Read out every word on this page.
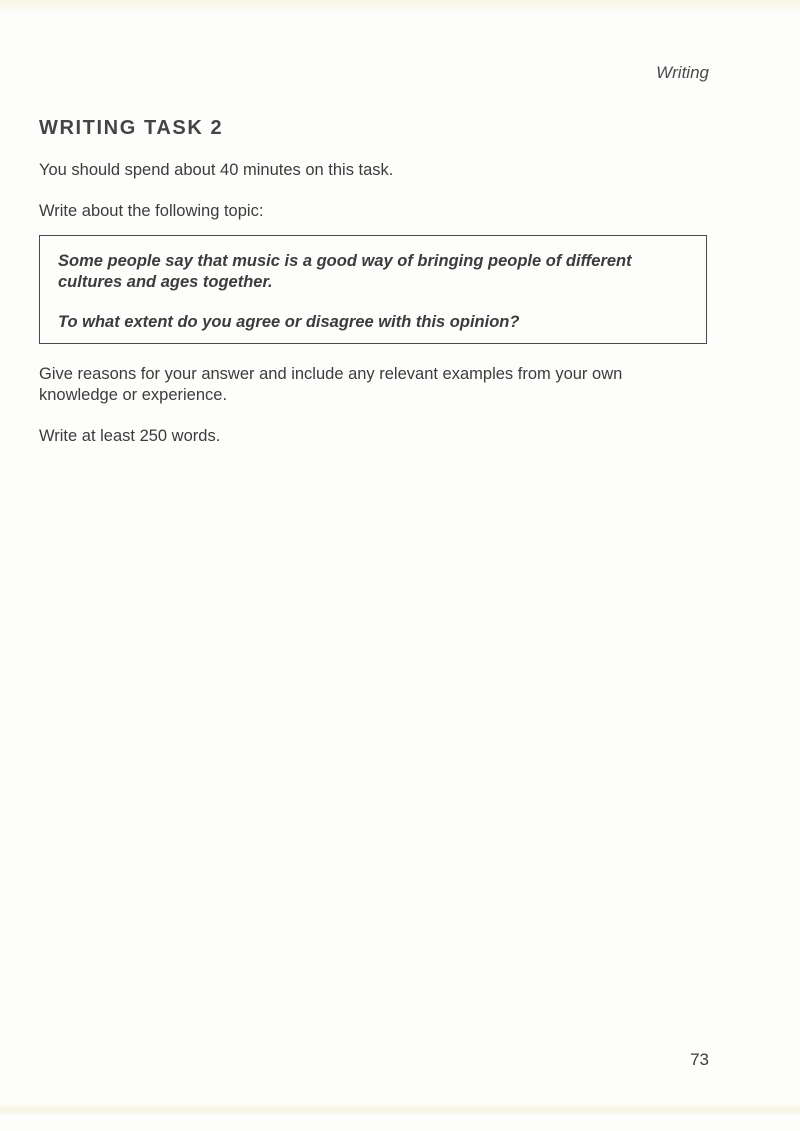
Writing
WRITING TASK 2

You should spend about 40 minutes on this task.

Write about the following topic:

Some people say that music is a good way of bringing people of different cultures and ages together.

To what extent do you agree or disagree with this opinion?

Give reasons for your answer and include any relevant examples from your own knowledge or experience.

Write at least 250 words.

73
